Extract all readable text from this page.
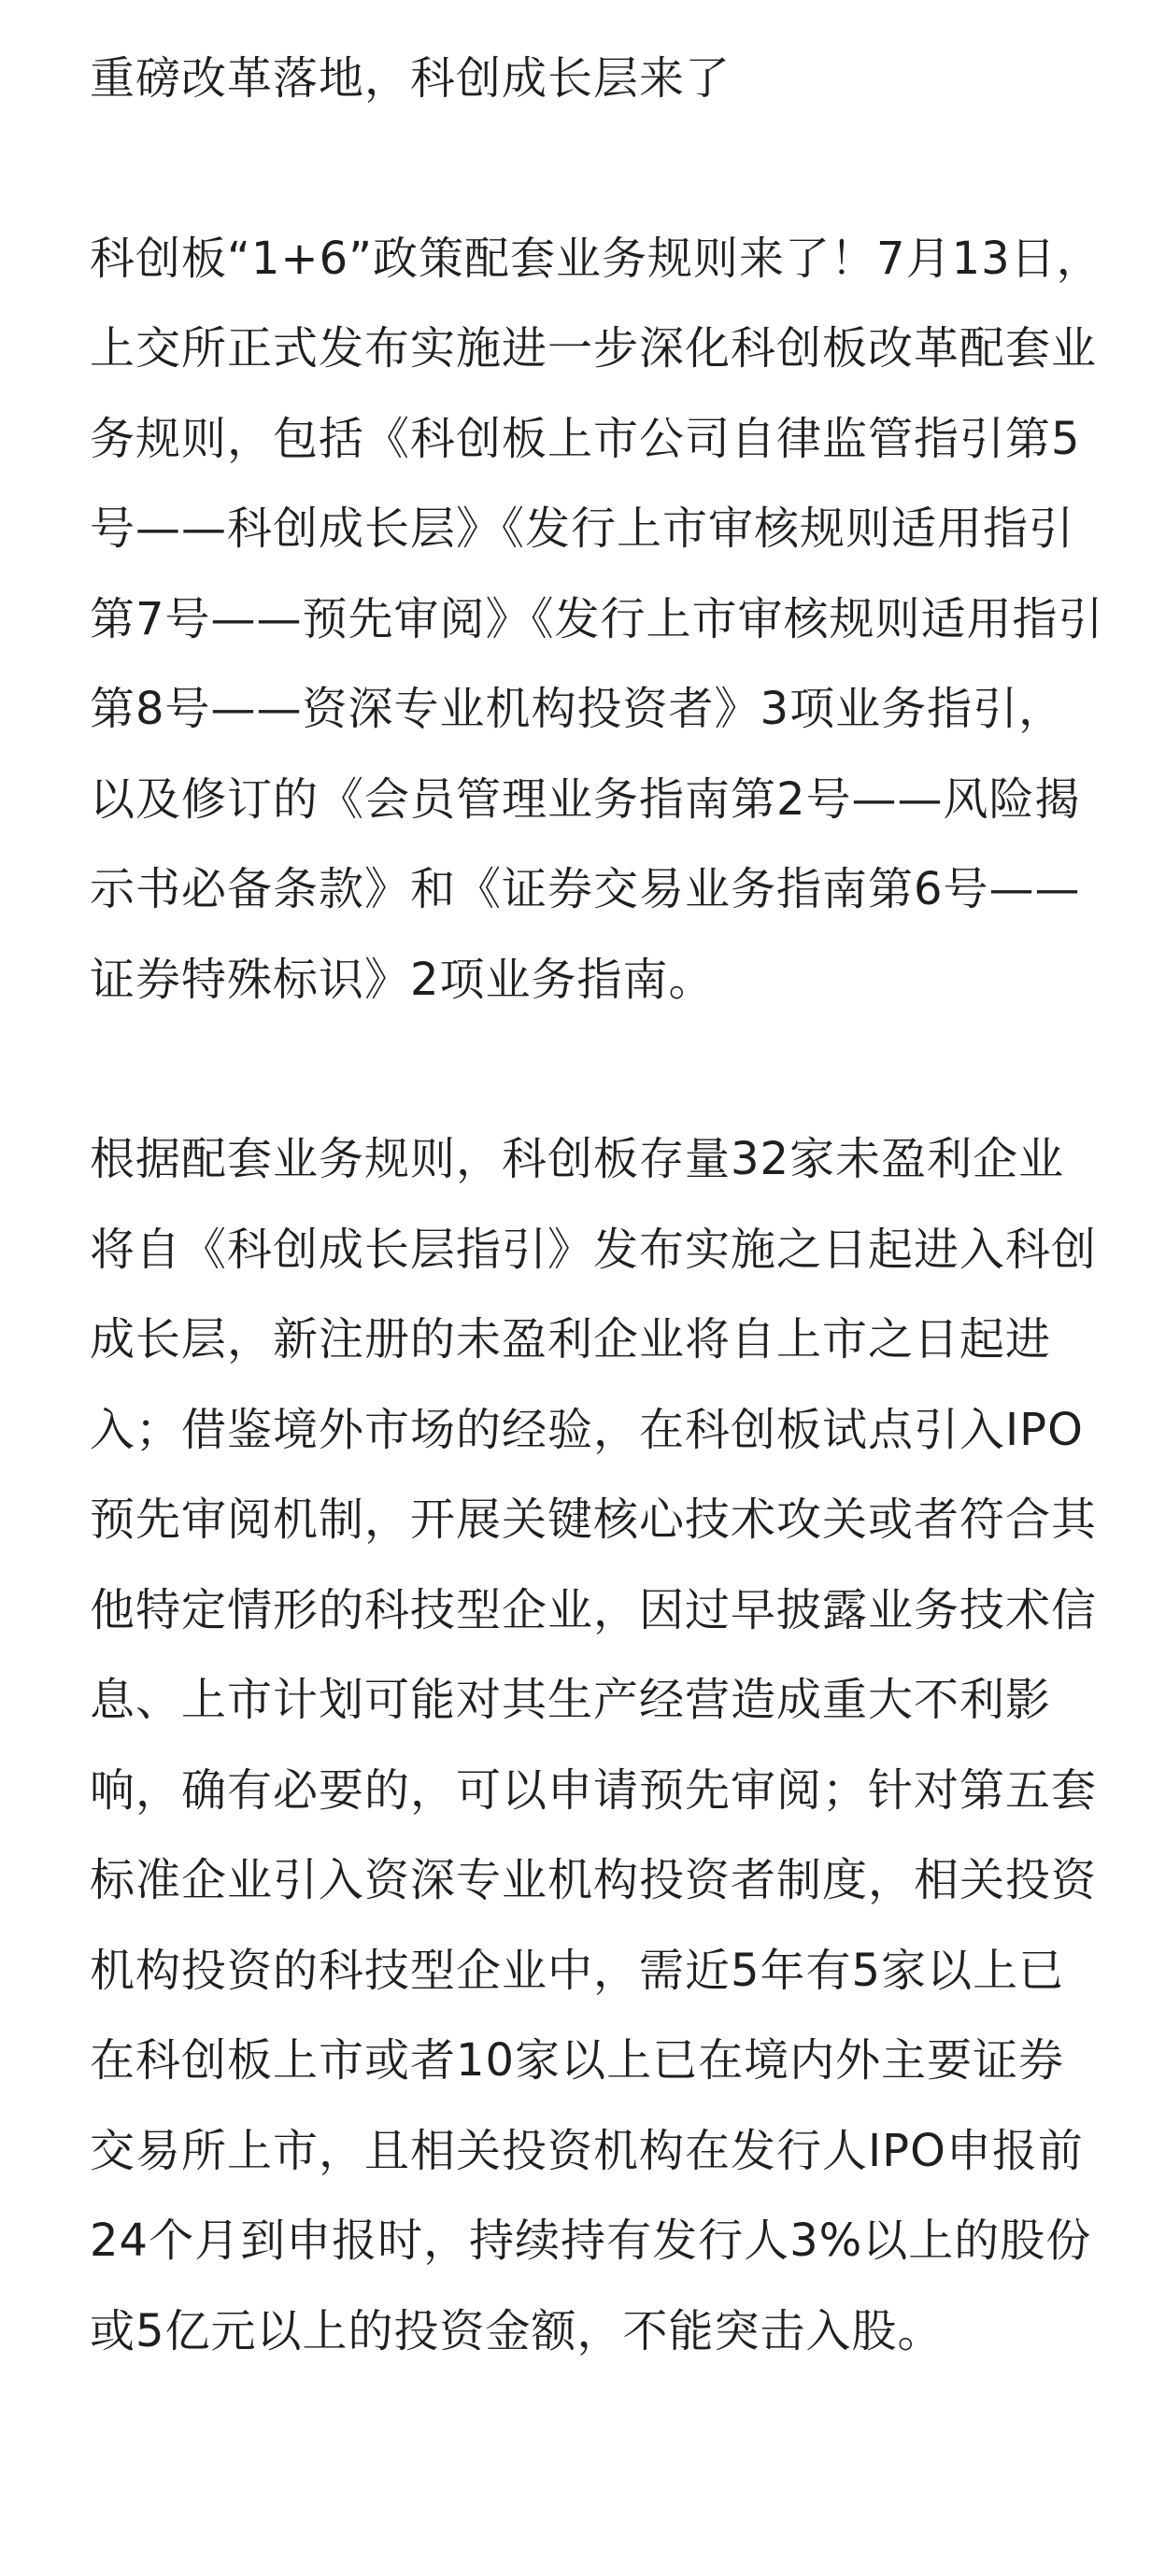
重磅改革落地，科创成长层来了

科创板“1+6”政策配套业务规则来了！7月13日，上交所正式发布实施进一步深化科创板改革配套业务规则，包括《科创板上市公司自律监管指引第5号——科创成长层》《发行上市审核规则适用指引第7号——预先审阅》《发行上市审核规则适用指引第8号——资深专业机构投资者》3项业务指引，以及修订的《会员管理业务指南第2号——风险揭示书必备条款》和《证券交易业务指南第6号——证券特殊标识》2项业务指南。

根据配套业务规则，科创板存量32家未盈利企业将自《科创成长层指引》发布实施之日起进入科创成长层，新注册的未盈利企业将自上市之日起进入；借鉴境外市场的经验，在科创板试点引入IPO预先审阅机制，开展关键核心技术攻关或者符合其他特定情形的科技型企业，因过早披露业务技术信息、上市计划可能对其生产经营造成重大不利影响，确有必要的，可以申请预先审阅；针对第五套标准企业引入资深专业机构投资者制度，相关投资机构投资的科技型企业中，需近5年有5家以上已在科创板上市或者10家以上已在境内外主要证券交易所上市，且相关投资机构在发行人IPO申报前24个月到申报时，持续持有发行人3%以上的股份或5亿元以上的投资金额，不能突击入股。
